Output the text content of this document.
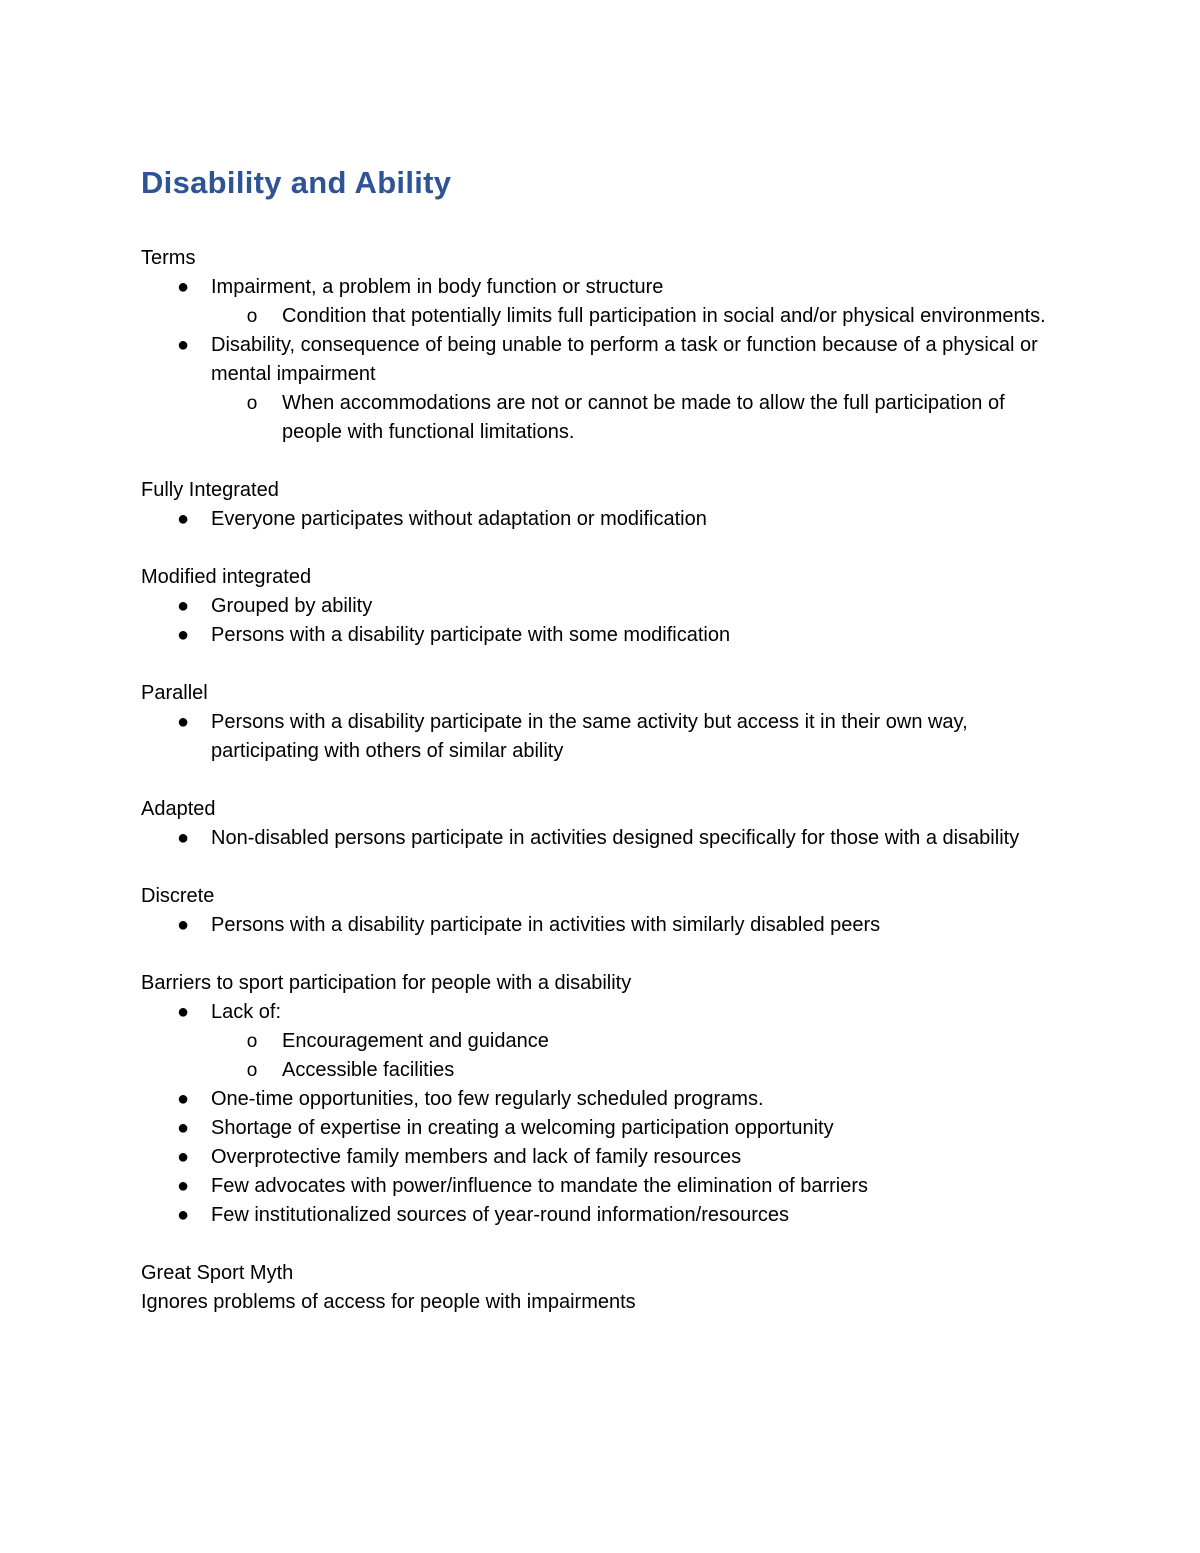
Disability and Ability

Terms

● Impairment, a problem in body function or structure
o Condition that potentially limits full participation in social and/or physical environments.
● Disability, consequence of being unable to perform a task or function because of a physical or mental impairment
o When accommodations are not or cannot be made to allow the full participation of people with functional limitations.

Fully Integrated

● Everyone participates without adaptation or modification

Modified integrated

● Grouped by ability
● Persons with a disability participate with some modification

Parallel

● Persons with a disability participate in the same activity but access it in their own way, participating with others of similar ability

Adapted

● Non-disabled persons participate in activities designed specifically for those with a disability

Discrete

● Persons with a disability participate in activities with similarly disabled peers

Barriers to sport participation for people with a disability

● Lack of:
o Encouragement and guidance
o Accessible facilities
● One-time opportunities, too few regularly scheduled programs.
● Shortage of expertise in creating a welcoming participation opportunity
● Overprotective family members and lack of family resources
● Few advocates with power/influence to mandate the elimination of barriers
● Few institutionalized sources of year-round information/resources

Great Sport Myth

Ignores problems of access for people with impairments
